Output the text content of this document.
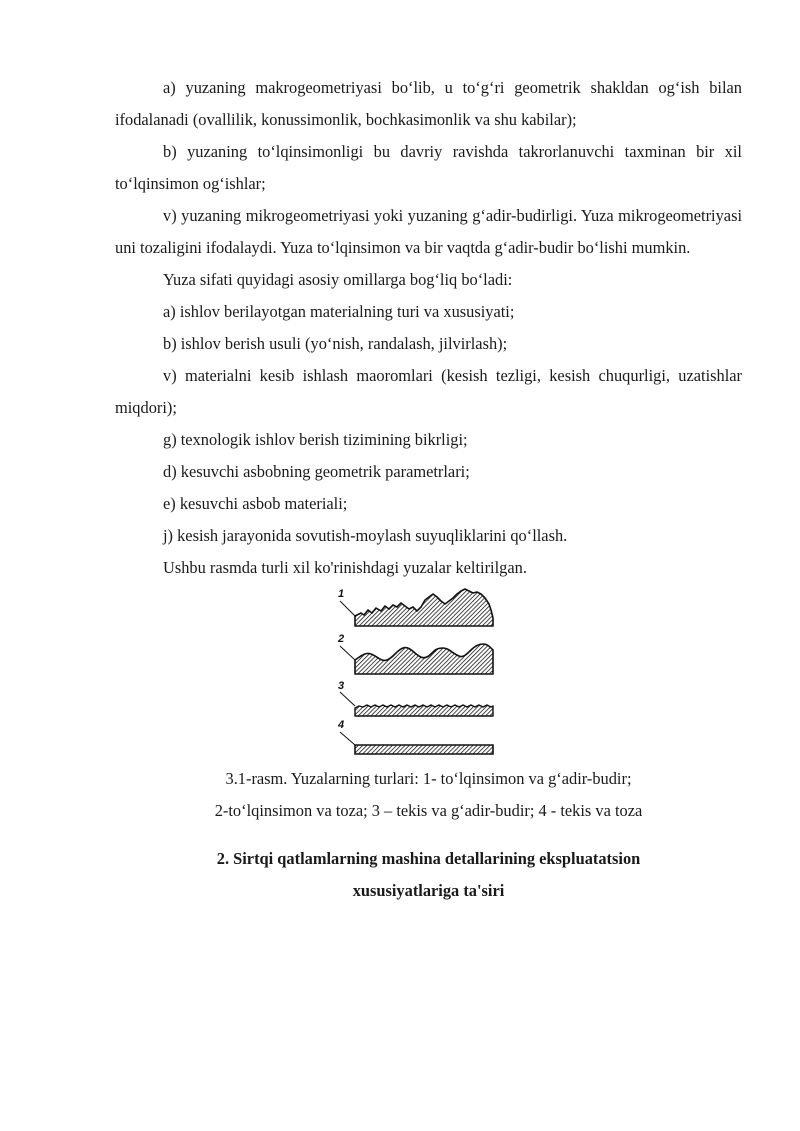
a) yuzaning makrogeometriyasi bo‘lib, u to‘g‘ri geometrik shakldan og‘ish bilan ifodalanadi (ovallilik, konussimonlik, bochkasimonlik va shu kabilar);

b) yuzaning to‘lqinsimonligi bu davriy ravishda takrorlanuvchi taxminan bir xil to‘lqinsimon og‘ishlar;

v) yuzaning mikrogeometriyasi yoki yuzaning g‘adir-budirligi. Yuza mikrogeometriyasi uni tozaligini ifodalaydi. Yuza to‘lqinsimon va bir vaqtda g‘adir-budir bo‘lishi mumkin.

Yuza sifati quyidagi asosiy omillarga bog‘liq bo‘ladi:

a) ishlov berilayotgan materialning turi va xususiyati;

b) ishlov berish usuli (yo‘nish, randalash, jilvirlash);

v) materialni kesib ishlash maoromlari (kesish tezligi, kesish chuqurligi, uzatishlar miqdori);

g) texnologik ishlov berish tizimining bikrligi;

d) kesuvchi asbobning geometrik parametrlari;

e) kesuvchi asbob materiali;

j) kesish jarayonida sovutish-moylash suyuqliklarini qo‘llash.

Ushbu rasmda turli xil ko'rinishdagi yuzalar keltirilgan.

1
2
3
4

3.1-rasm. Yuzalarning turlari: 1- to‘lqinsimon va g‘adir-budir;

2-to‘lqinsimon va toza; 3 – tekis va g‘adir-budir; 4 - tekis va toza

2. Sirtqi qatlamlarning mashina detallarining ekspluatatsion

xususiyatlariga ta'siri
